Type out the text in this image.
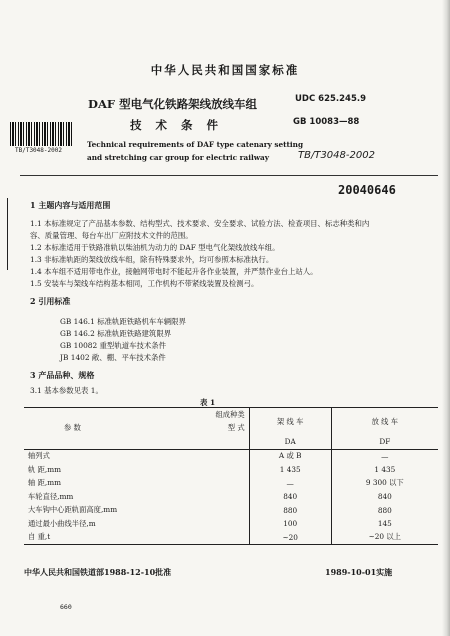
中华人民共和国国家标准
DAF 型电气化铁路架线放线车组
技 术 条 件
UDC 625.245.9
GB 10083—88
TB/T3048-2002
Technical requirements of DAF type catenary setting
and stretching car group for electric railway	TB/T3048-2002
20040646
1 主题内容与适用范围
1.1 本标准规定了产品基本参数、结构型式、技术要求、安全要求、试验方法、检查项目、标志种类和内
容、质量管理、每台车出厂应附技术文件的范围。
1.2 本标准适用于铁路准轨以柴油机为动力的 DAF 型电气化架线放线车组。
1.3 非标准轨距的架线放线车组，除有特殊要求外，均可参照本标准执行。
1.4 本车组不适用带电作业，接触网带电时不能起升各作业装置，并严禁作业台上站人。
1.5 安装车与架线车结构基本相同，工作机构不带紧线装置及检测弓。
2 引用标准
GB 146.1 标准轨距铁路机车车辆限界
GB 146.2 标准轨距铁路建筑限界
GB 10082 重型轨道车技术条件
JB 1402 敞、棚、平车技术条件
3 产品品种、规格
3.1 基本参数见表 1。
表 1
组成种类	架 线 车	放 线 车
参 数 型 式		

	DA	DF
轴列式	A 或 B	—
轨 距,mm	1 435	1 435
轴 距,mm	—	9 300 以下
车轮直径,mm	840	840
大车钩中心距轨面高度,mm	880	880
通过最小曲线半径,m	100	145
自 重,t	~20	~20 以上
中华人民共和国铁道部1988-12-10批准	1989-10-01实施
660
